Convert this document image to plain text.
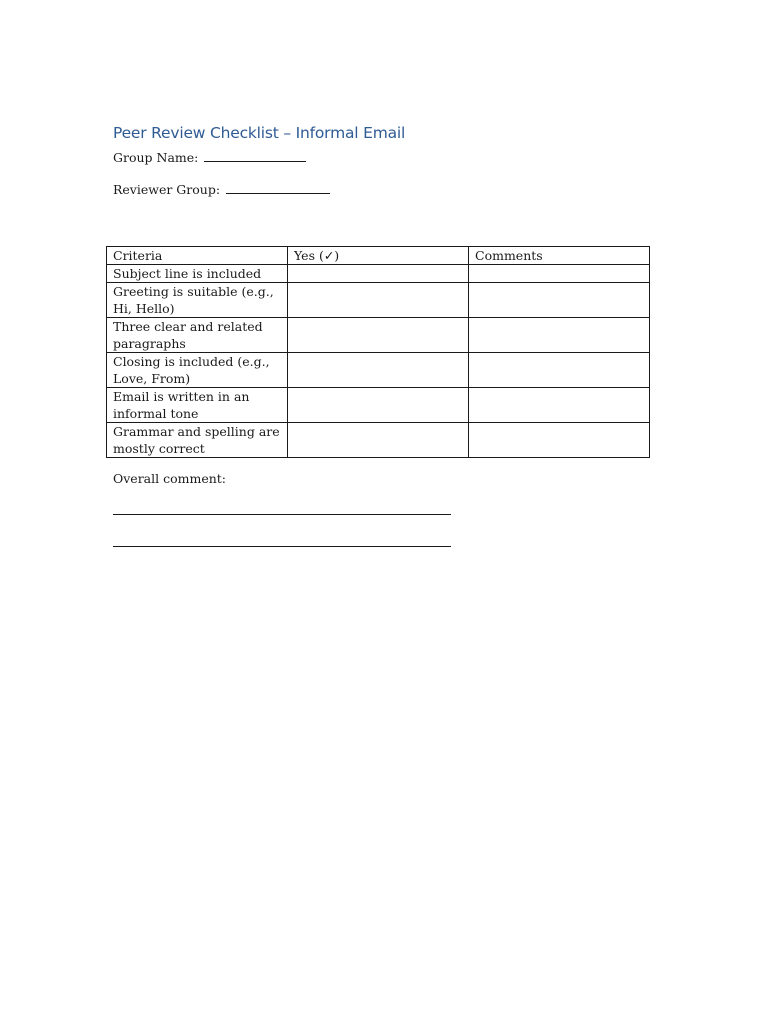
Peer Review Checklist – Informal Email
Group Name:
Reviewer Group:
Criteria	Yes (✓)	Comments
Subject line is included		
Greeting is suitable (e.g., Hi, Hello)		
Three clear and related paragraphs		
Closing is included (e.g., Love, From)		
Email is written in an informal tone		
Grammar and spelling are mostly correct		
Overall comment:
